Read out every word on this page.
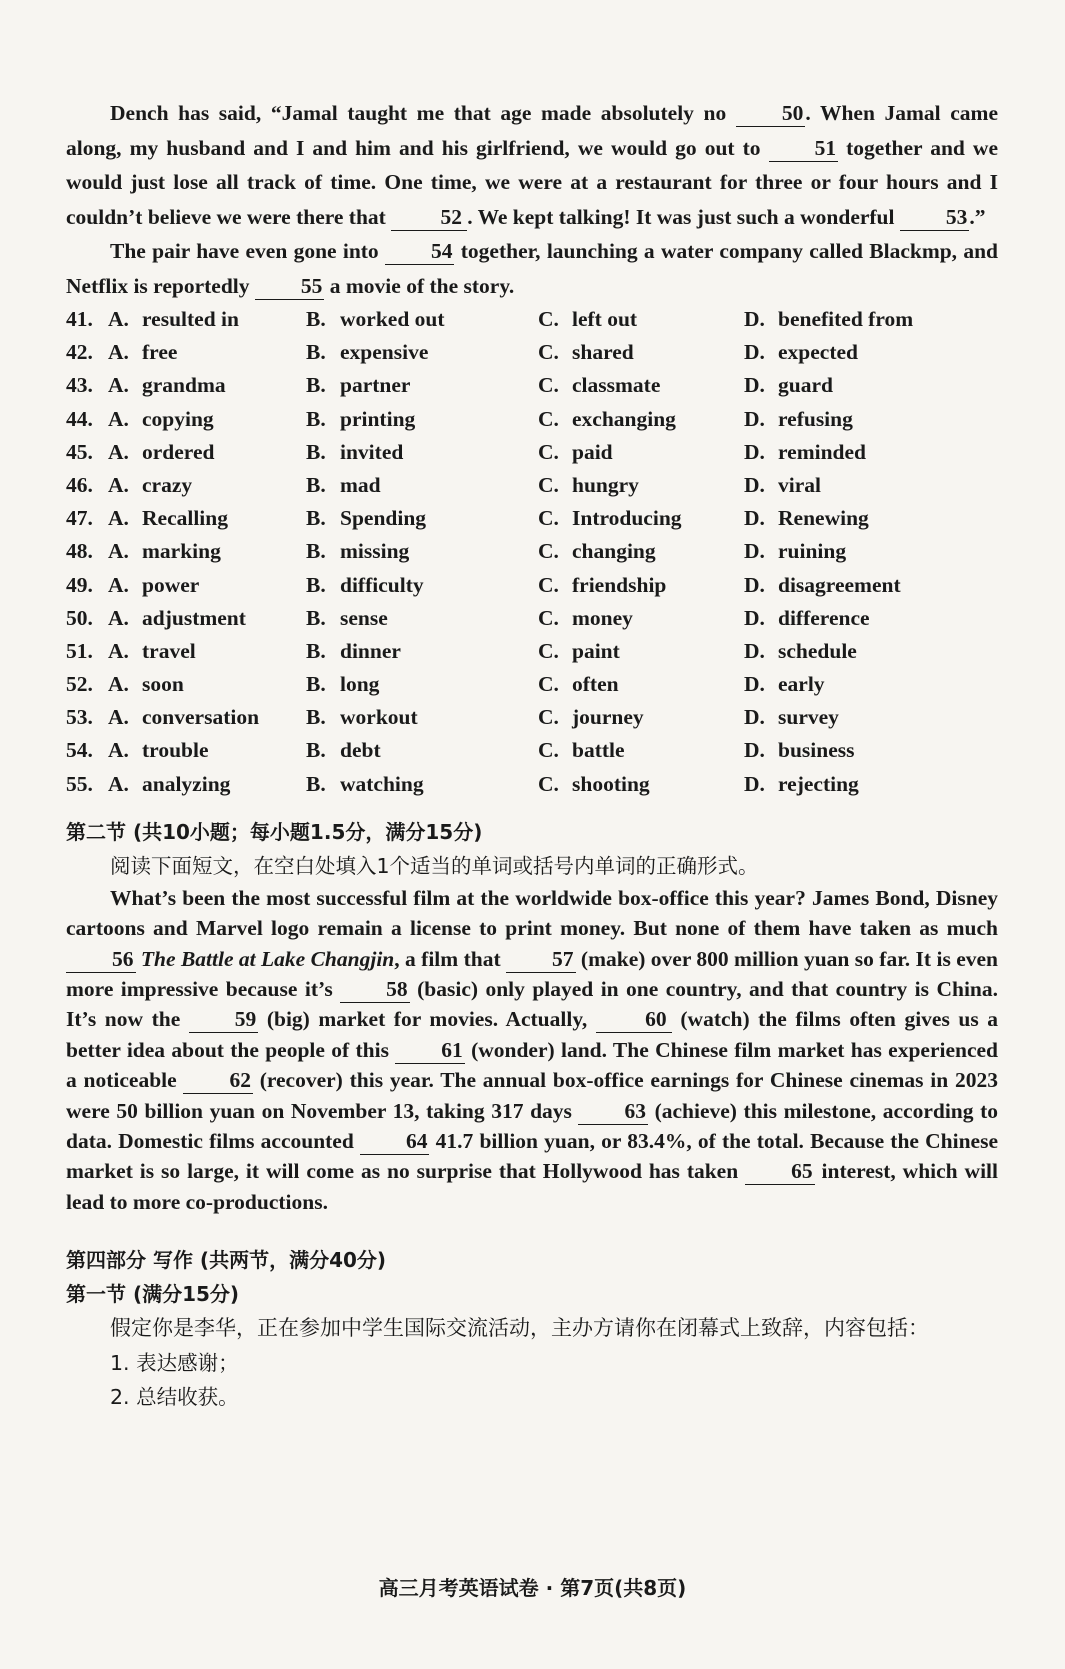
Dench has said, “Jamal taught me that age made absolutely no 50. When Jamal came along, my husband and I and him and his girlfriend, we would go out to 51 together and we would just lose all track of time. One time, we were at a restaurant for three or four hours and I couldn’t believe we were there that 52 . We kept talking! It was just such a wonderful 53.”

The pair have even gone into 54 together, launching a water company called Blackmp, and Netflix is reportedly 55 a movie of the story.

41. A. resulted in	B. worked out	C. left out	D. benefited from
42. A. free	B. expensive	C. shared	D. expected
43. A. grandma	B. partner	C. classmate	D. guard
44. A. copying	B. printing	C. exchanging	D. refusing
45. A. ordered	B. invited	C. paid	D. reminded
46. A. crazy	B. mad	C. hungry	D. viral
47. A. Recalling	B. Spending	C. Introducing	D. Renewing
48. A. marking	B. missing	C. changing	D. ruining
49. A. power	B. difficulty	C. friendship	D. disagreement
50. A. adjustment	B. sense	C. money	D. difference
51. A. travel	B. dinner	C. paint	D. schedule
52. A. soon	B. long	C. often	D. early
53. A. conversation B. workout	C. journey	D. survey
54. A. trouble	B. debt	C. battle	D. business
55. A. analyzing	B. watching	C. shooting	D. rejecting

第二节 (共10小题；每小题1.5分，满分15分)

阅读下面短文，在空白处填入1个适当的单词或括号内单词的正确形式。

What’s been the most successful film at the worldwide box-office this year? James Bond, Disney cartoons and Marvel logo remain a license to print money. But none of them have taken as much 56 The Battle at Lake Changjin, a film that 57 (make) over 800 million yuan so far. It is even more impressive because it’s 58 (basic) only played in one country, and that country is China. It’s now the 59 (big) market for movies. Actually, 60 (watch) the films often gives us a better idea about the people of this 61 (wonder) land. The Chinese film market has experienced a noticeable 62 (recover) this year. The annual box-office earnings for Chinese cinemas in 2023 were 50 billion yuan on November 13, taking 317 days 63 (achieve) this milestone, according to data. Domestic films accounted 64 41.7 billion yuan, or 83.4%, of the total. Because the Chinese market is so large, it will come as no surprise that Hollywood has taken 65 interest, which will lead to more co-productions.

第四部分 写作 (共两节，满分40分)

第一节 (满分15分)

假定你是李华，正在参加中学生国际交流活动，主办方请你在闭幕式上致辞，内容包括：

1. 表达感谢；

2. 总结收获。

高三月考英语试卷 · 第7页(共8页)
